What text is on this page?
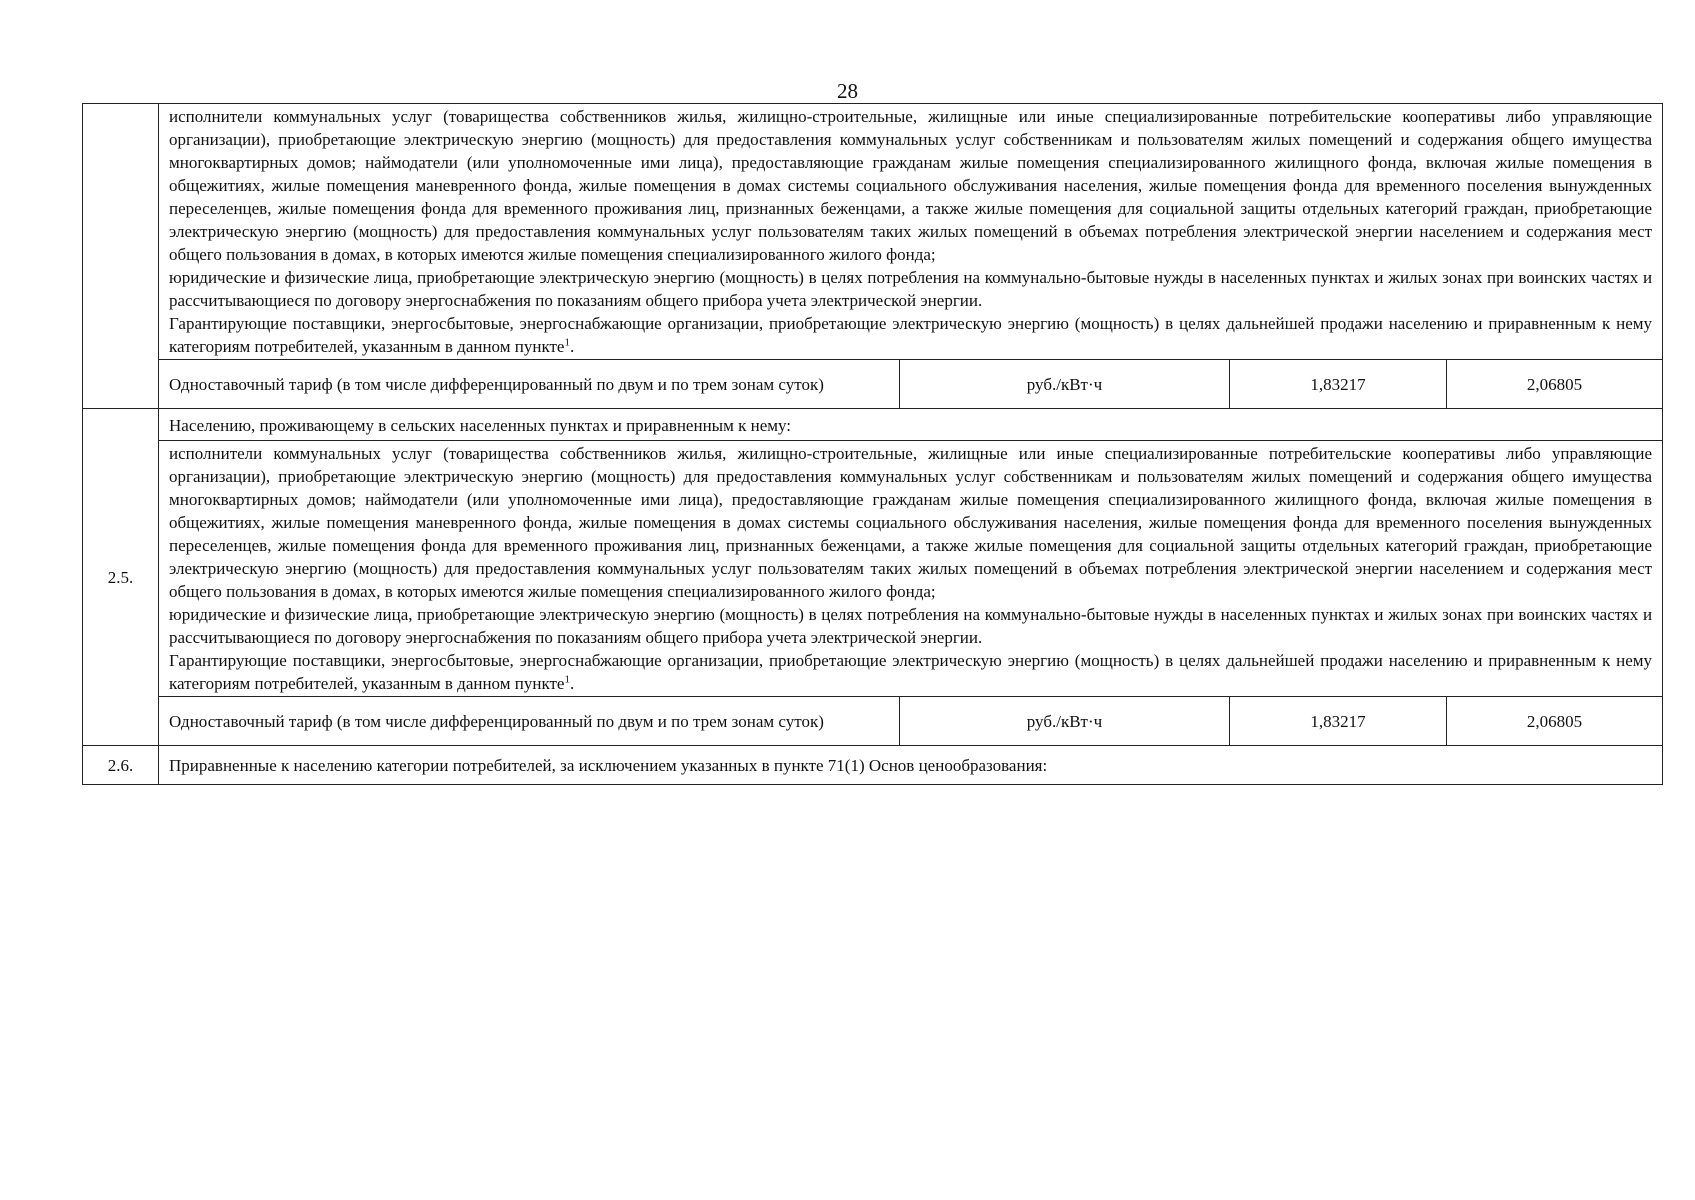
28

	исполнители коммунальных услуг (товарищества собственников жилья, жилищно-строительные, жилищные или иные специализированные потребительские кооперативы либо управляющие организации), приобретающие электрическую энергию (мощность) для предоставления коммунальных услуг собственникам и пользователям жилых помещений и содержания общего имущества многоквартирных домов; наймодатели (или уполномоченные ими лица), предоставляющие гражданам жилые помещения специализированного жилищного фонда, включая жилые помещения в общежитиях, жилые помещения маневренного фонда, жилые помещения в домах системы социального обслуживания населения, жилые помещения фонда для временного поселения вынужденных переселенцев, жилые помещения фонда для временного проживания лиц, признанных беженцами, а также жилые помещения для социальной защиты отдельных категорий граждан, приобретающие электрическую энергию (мощность) для предоставления коммунальных услуг пользователям таких жилых помещений в объемах потребления электрической энергии населением и содержания мест общего пользования в домах, в которых имеются жилые помещения специализированного жилого фонда;

юридические и физические лица, приобретающие электрическую энергию (мощность) в целях потребления на коммунально-бытовые нужды в населенных пунктах и жилых зонах при воинских частях и рассчитывающиеся по договору энергоснабжения по показаниям общего прибора учета электрической энергии.

Гарантирующие поставщики, энергосбытовые, энергоснабжающие организации, приобретающие электрическую энергию (мощность) в целях дальнейшей продажи населению и приравненным к нему категориям потребителей, указанным в данном пункте$^1$.			

	Одноставочный тариф (в том числе дифференцированный по двум и по трем зонам суток)	руб./кВт·ч	1,83217	2,06805
2.5.	Населению, проживающему в сельских населенных пунктах и приравненным к нему:			

	исполнители коммунальных услуг (товарищества собственников жилья, жилищно-строительные, жилищные или иные специализированные потребительские кооперативы либо управляющие организации), приобретающие электрическую энергию (мощность) для предоставления коммунальных услуг собственникам и пользователям жилых помещений и содержания общего имущества многоквартирных домов; наймодатели (или уполномоченные ими лица), предоставляющие гражданам жилые помещения специализированного жилищного фонда, включая жилые помещения в общежитиях, жилые помещения маневренного фонда, жилые помещения в домах системы социального обслуживания населения, жилые помещения фонда для временного поселения вынужденных переселенцев, жилые помещения фонда для временного проживания лиц, признанных беженцами, а также жилые помещения для социальной защиты отдельных категорий граждан, приобретающие электрическую энергию (мощность) для предоставления коммунальных услуг пользователям таких жилых помещений в объемах потребления электрической энергии населением и содержания мест общего пользования в домах, в которых имеются жилые помещения специализированного жилого фонда;

юридические и физические лица, приобретающие электрическую энергию (мощность) в целях потребления на коммунально-бытовые нужды в населенных пунктах и жилых зонах при воинских частях и рассчитывающиеся по договору энергоснабжения по показаниям общего прибора учета электрической энергии.

Гарантирующие поставщики, энергосбытовые, энергоснабжающие организации, приобретающие электрическую энергию (мощность) в целях дальнейшей продажи населению и приравненным к нему категориям потребителей, указанным в данном пункте$^1$.			

	Одноставочный тариф (в том числе дифференцированный по двум и по трем зонам суток)	руб./кВт·ч	1,83217	2,06805
2.6.	Приравненные к населению категории потребителей, за исключением указанных в пункте 71(1) Основ ценообразования:			
